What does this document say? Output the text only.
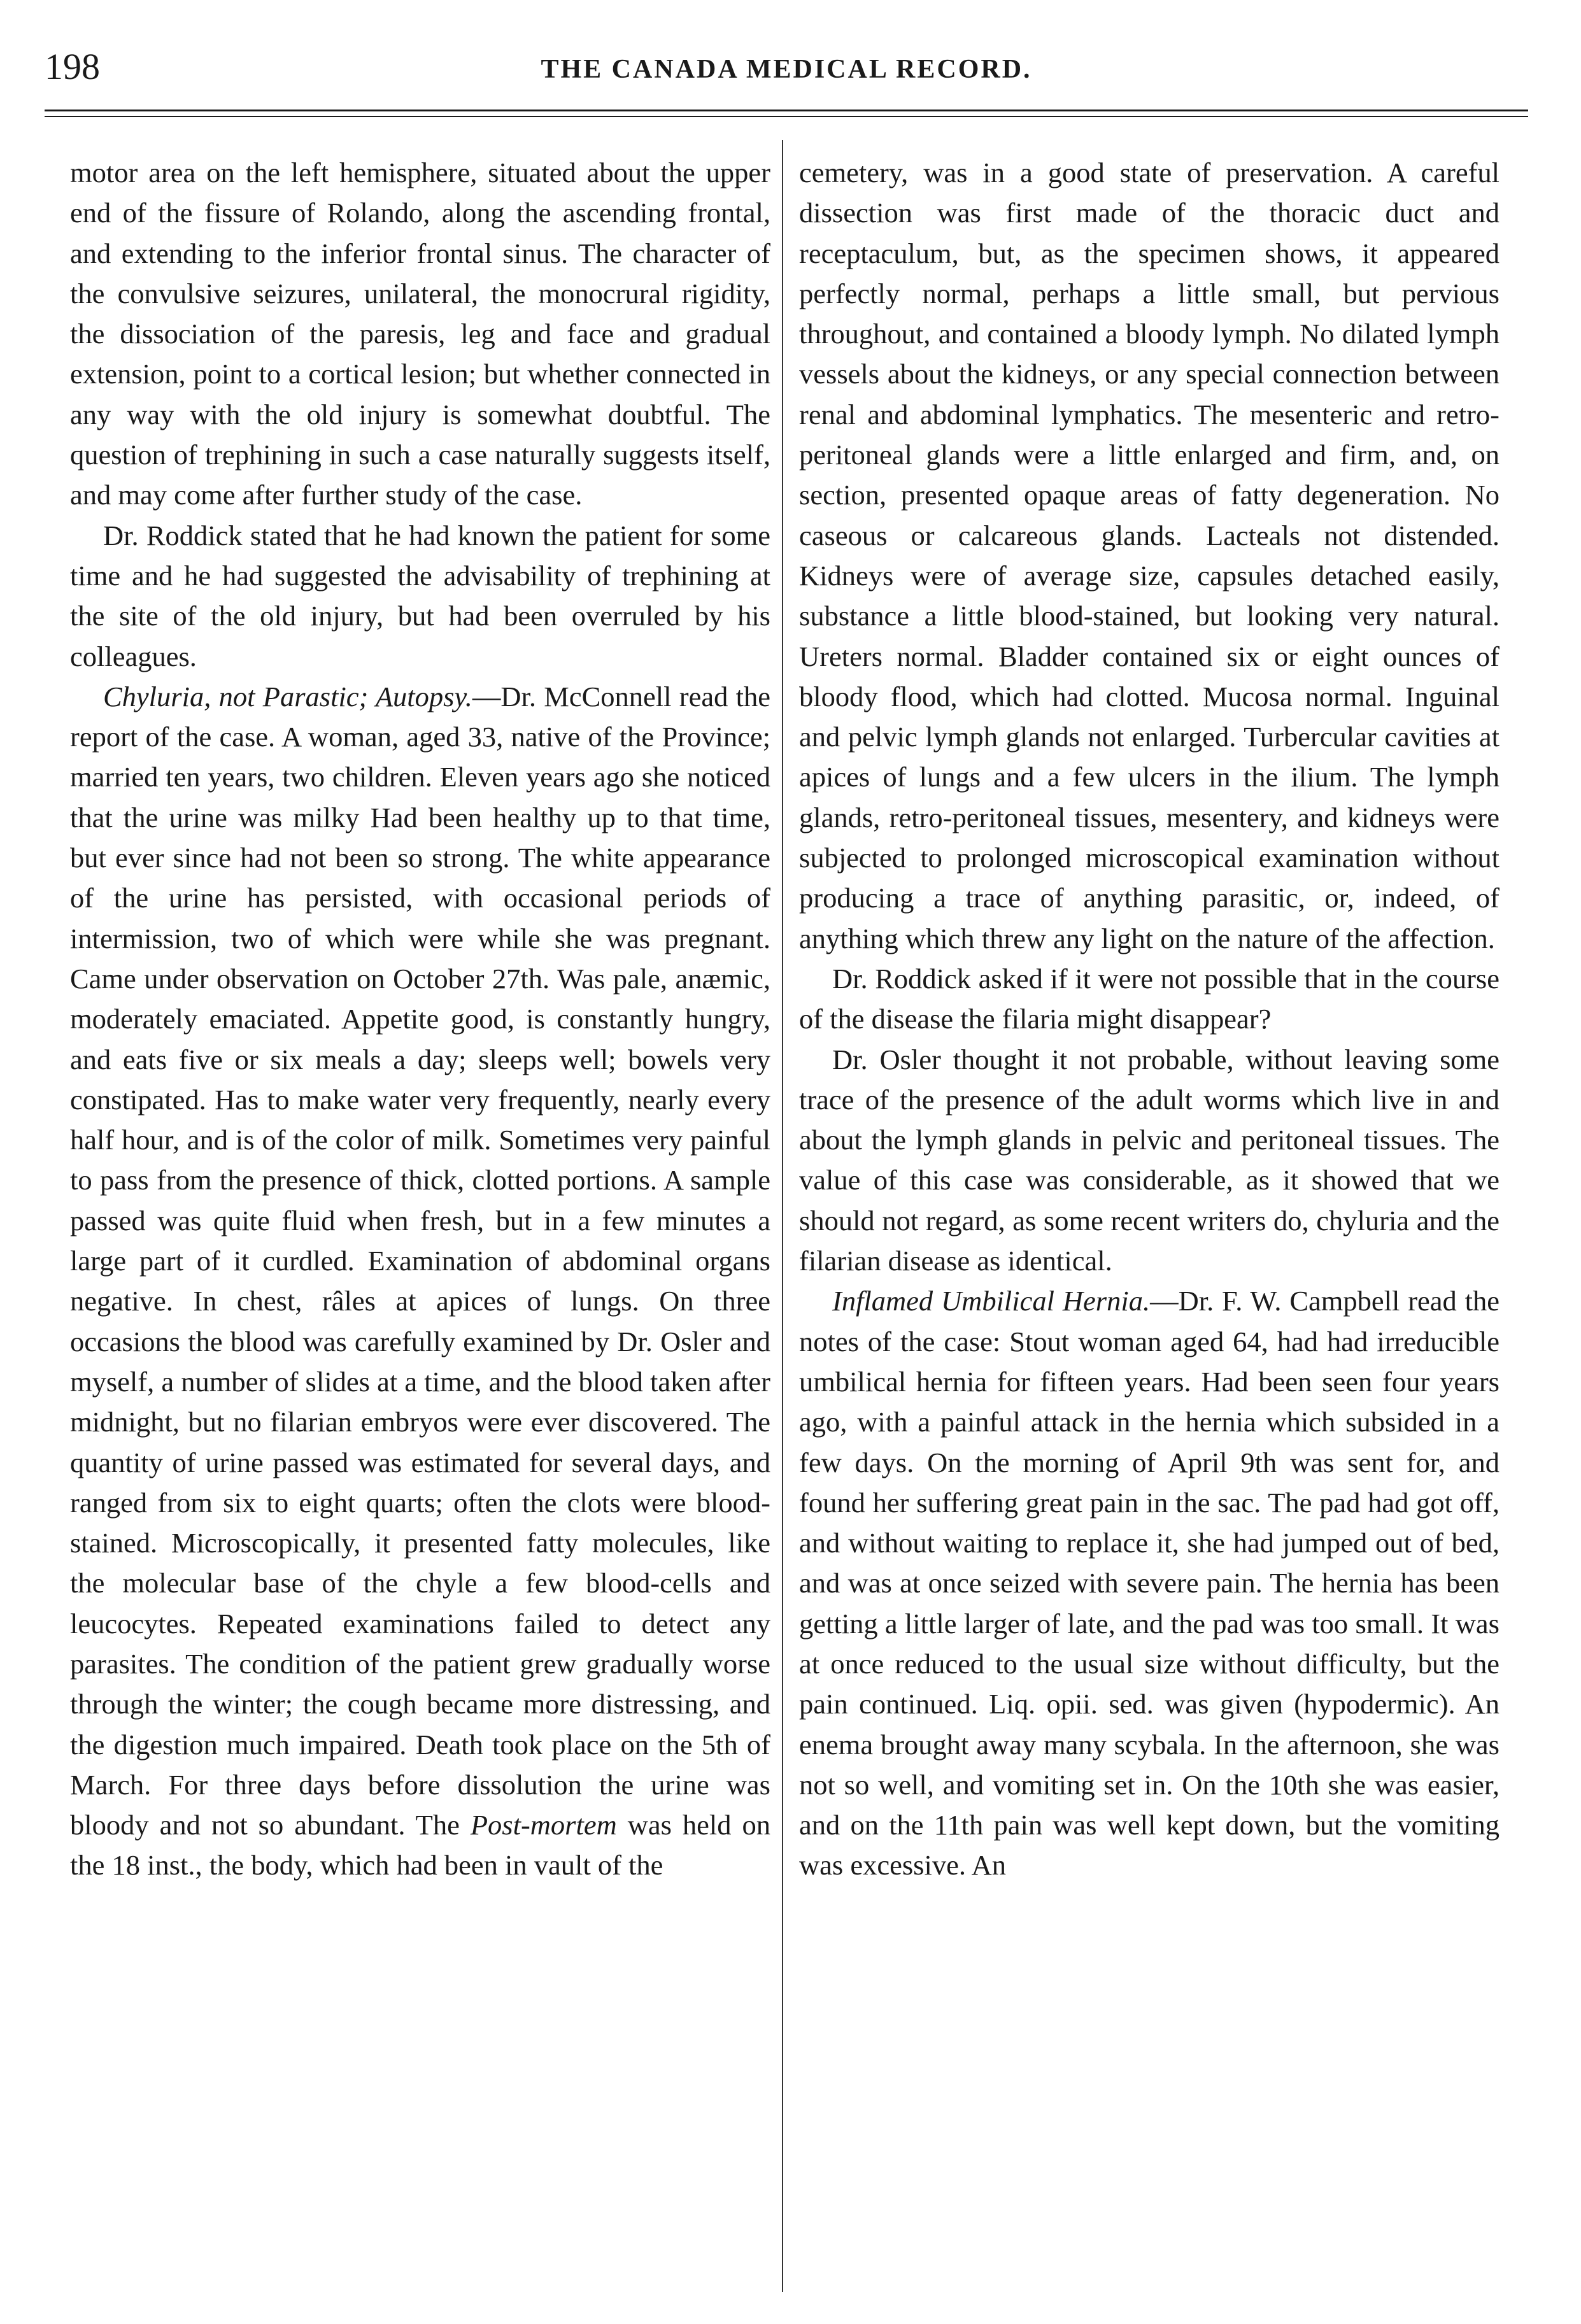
198	THE CANADA MEDICAL RECORD.

motor area on the left hemisphere, situated about the upper end of the fissure of Rolando, along the ascending frontal, and extending to the inferior frontal sinus. The character of the convulsive seizures, unilateral, the monocrural rigidity, the dissociation of the paresis, leg and face and gradual extension, point to a cortical lesion; but whether connected in any way with the old injury is somewhat doubtful. The question of trephining in such a case naturally suggests itself, and may come after further study of the case.

Dr. Roddick stated that he had known the patient for some time and he had suggested the advisability of trephining at the site of the old injury, but had been overruled by his colleagues.

Chyluria, not Parastic; Autopsy.—Dr. McConnell read the report of the case. A woman, aged 33, native of the Province; married ten years, two children. Eleven years ago she noticed that the urine was milky Had been healthy up to that time, but ever since had not been so strong. The white appearance of the urine has persisted, with occasional periods of intermission, two of which were while she was pregnant. Came under observation on October 27th. Was pale, anæmic, moderately emaciated. Appetite good, is constantly hungry, and eats five or six meals a day; sleeps well; bowels very constipated. Has to make water very frequently, nearly every half hour, and is of the color of milk. Sometimes very painful to pass from the presence of thick, clotted portions. A sample passed was quite fluid when fresh, but in a few minutes a large part of it curdled. Examination of abdominal organs negative. In chest, râles at apices of lungs. On three occasions the blood was carefully examined by Dr. Osler and myself, a number of slides at a time, and the blood taken after midnight, but no filarian embryos were ever discovered. The quantity of urine passed was estimated for several days, and ranged from six to eight quarts; often the clots were blood-stained. Microscopically, it presented fatty molecules, like the molecular base of the chyle a few blood-cells and leucocytes. Repeated examinations failed to detect any parasites. The condition of the patient grew gradually worse through the winter; the cough became more distressing, and the digestion much impaired. Death took place on the 5th of March. For three days before dissolution the urine was bloody and not so abundant. The Post-mortem was held on the 18 inst., the body, which had been in vault of the

cemetery, was in a good state of preservation. A careful dissection was first made of the thoracic duct and receptaculum, but, as the specimen shows, it appeared perfectly normal, perhaps a little small, but pervious throughout, and contained a bloody lymph. No dilated lymph vessels about the kidneys, or any special connection between renal and abdominal lymphatics. The mesenteric and retro-peritoneal glands were a little enlarged and firm, and, on section, presented opaque areas of fatty degeneration. No caseous or calcareous glands. Lacteals not distended. Kidneys were of average size, capsules detached easily, substance a little blood-stained, but looking very natural. Ureters normal. Bladder contained six or eight ounces of bloody flood, which had clotted. Mucosa normal. Inguinal and pelvic lymph glands not enlarged. Turbercular cavities at apices of lungs and a few ulcers in the ilium. The lymph glands, retro-peritoneal tissues, mesentery, and kidneys were subjected to prolonged microscopical examination without producing a trace of anything parasitic, or, indeed, of anything which threw any light on the nature of the affection.

Dr. Roddick asked if it were not possible that in the course of the disease the filaria might disappear?

Dr. Osler thought it not probable, without leaving some trace of the presence of the adult worms which live in and about the lymph glands in pelvic and peritoneal tissues. The value of this case was considerable, as it showed that we should not regard, as some recent writers do, chyluria and the filarian disease as identical.

Inflamed Umbilical Hernia.—Dr. F. W. Campbell read the notes of the case: Stout woman aged 64, had had irreducible umbilical hernia for fifteen years. Had been seen four years ago, with a painful attack in the hernia which subsided in a few days. On the morning of April 9th was sent for, and found her suffering great pain in the sac. The pad had got off, and without waiting to replace it, she had jumped out of bed, and was at once seized with severe pain. The hernia has been getting a little larger of late, and the pad was too small. It was at once reduced to the usual size without difficulty, but the pain continued. Liq. opii. sed. was given (hypodermic). An enema brought away many scybala. In the afternoon, she was not so well, and vomiting set in. On the 10th she was easier, and on the 11th pain was well kept down, but the vomiting was excessive. An
